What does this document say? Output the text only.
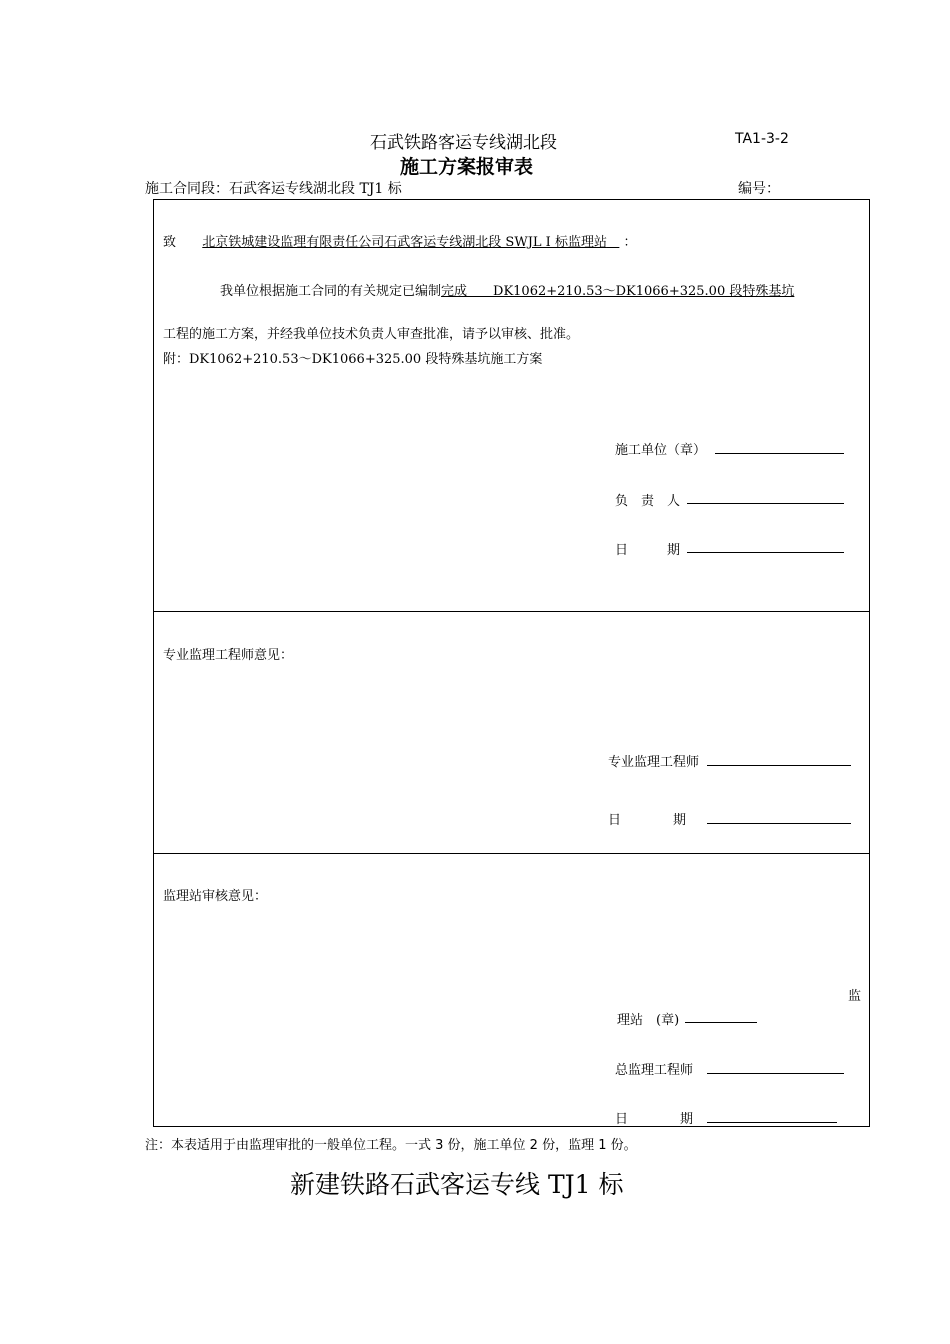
石武铁路客运专线湖北段	TA1-3-2
施工方案报审表
施工合同段：石武客运专线湖北段 TJ1 标	编号：
致 北京铁城建设监理有限责任公司石武客运专线湖北段 SWJL I 标监理站 ：
我单位根据施工合同的有关规定已编制完成　　DK1062+210.53～DK1066+325.00 段特殊基坑
工程的施工方案，并经我单位技术负责人审查批准，请予以审核、批准。
附：DK1062+210.53～DK1066+325.00 段特殊基坑施工方案
施工单位（章）
负　责　人
日　　　期
专业监理工程师意见：
专业监理工程师
日　　　　期
监理站审核意见：
监
理站　(章)
总监理工程师
日　　　　期
注：本表适用于由监理审批的一般单位工程。一式 3 份，施工单位 2 份，监理 1 份。
新建铁路石武客运专线 TJ1 标
